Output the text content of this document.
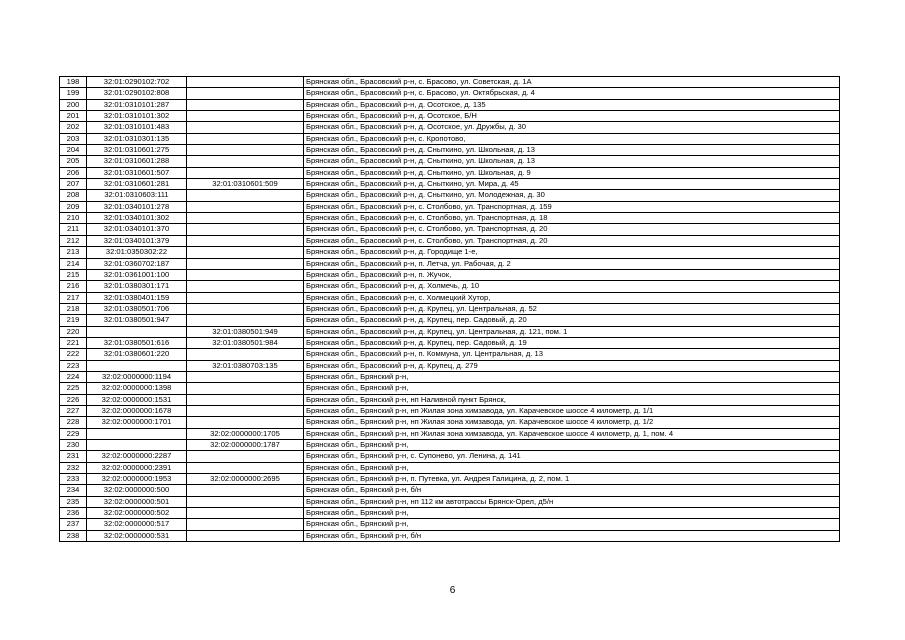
198	32:01:0290102:702		Брянская обл., Брасовский р-н, с. Брасово, ул. Советская, д. 1А
199	32:01:0290102:808		Брянская обл., Брасовский р-н, с. Брасово, ул. Октябрьская, д. 4
200	32:01:0310101:287		Брянская обл., Брасовский р-н, д. Осотское, д. 135
201	32:01:0310101:302		Брянская обл., Брасовский р-н, д. Осотское, Б/Н
202	32:01:0310101:483		Брянская обл., Брасовский р-н, д. Осотское, ул. Дружбы, д. 30
203	32:01:0310301:135		Брянская обл., Брасовский р-н, с. Кропотово,
204	32:01:0310601:275		Брянская обл., Брасовский р-н, д. Сныткино, ул. Школьная, д. 13
205	32:01:0310601:288		Брянская обл., Брасовский р-н, д. Сныткино, ул. Школьная, д. 13
206	32:01:0310601:507		Брянская обл., Брасовский р-н, д. Сныткино, ул. Школьная, д. 9
207	32:01:0310601:281	32:01:0310601:509	Брянская обл., Брасовский р-н, д. Сныткино, ул. Мира, д. 45
208	32:01:0310603:111		Брянская обл., Брасовский р-н, д. Сныткино, ул. Молодежная, д. 30
209	32:01:0340101:278		Брянская обл., Брасовский р-н, с. Столбово, ул. Транспортная, д. 159
210	32:01:0340101:302		Брянская обл., Брасовский р-н, с. Столбово, ул. Транспортная, д. 18
211	32:01:0340101:370		Брянская обл., Брасовский р-н, с. Столбово, ул. Транспортная, д. 20
212	32:01:0340101:379		Брянская обл., Брасовский р-н, с. Столбово, ул. Транспортная, д. 20
213	32:01:0350302:22		Брянская обл., Брасовский р-н, д. Городище 1-е,
214	32:01:0360702:187		Брянская обл., Брасовский р-н, п. Летча, ул. Рабочая, д. 2
215	32:01:0361001:100		Брянская обл., Брасовский р-н, п. Жучок,
216	32:01:0380301:171		Брянская обл., Брасовский р-н, д. Холмечь, д. 10
217	32:01:0380401:159		Брянская обл., Брасовский р-н, с. Холмецкий Хутор,
218	32:01:0380501:706		Брянская обл., Брасовский р-н, д. Крупец, ул. Центральная, д. 52
219	32:01:0380501:947		Брянская обл., Брасовский р-н, д. Крупец, пер. Садовый, д. 20
220		32:01:0380501:949	Брянская обл., Брасовский р-н, д. Крупец, ул. Центральная, д. 121, пом. 1
221	32:01:0380501:616	32:01:0380501:984	Брянская обл., Брасовский р-н, д. Крупец, пер. Садовый, д. 19
222	32:01:0380601:220		Брянская обл., Брасовский р-н, п. Коммуна, ул. Центральная, д. 13
223		32:01:0380703:135	Брянская обл., Брасовский р-н, д. Крупец, д. 279
224	32:02:0000000:1194		Брянская обл., Брянский р-н,
225	32:02:0000000:1398		Брянская обл., Брянский р-н,
226	32:02:0000000:1531		Брянская обл., Брянский р-н, нп Наливной пункт Брянск,
227	32:02:0000000:1678		Брянская обл., Брянский р-н, нп Жилая зона химзавода, ул. Карачевское шоссе 4 километр, д. 1/1
228	32:02:0000000:1701		Брянская обл., Брянский р-н, нп Жилая зона химзавода, ул. Карачевское шоссе 4 километр, д. 1/2
229		32:02:0000000:1705	Брянская обл., Брянский р-н, нп Жилая зона химзавода, ул. Карачевское шоссе 4 километр, д. 1, пом. 4
230		32:02:0000000:1787	Брянская обл., Брянский р-н,
231	32:02:0000000:2287		Брянская обл., Брянский р-н, с. Супонево, ул. Ленина, д. 141
232	32:02:0000000:2391		Брянская обл., Брянский р-н,
233	32:02:0000000:1953	32:02:0000000:2695	Брянская обл., Брянский р-н, п. Путевка, ул. Андрея Галицина, д. 2, пом. 1
234	32:02:0000000:500		Брянская обл., Брянский р-н, б/н
235	32:02:0000000:501		Брянская обл., Брянский р-н, нп 112 км автотрассы Брянск-Орел, д5/н
236	32:02:0000000:502		Брянская обл., Брянский р-н,
237	32:02:0000000:517		Брянская обл., Брянский р-н,
238	32:02:0000000:531		Брянская обл., Брянский р-н, б/н
6
